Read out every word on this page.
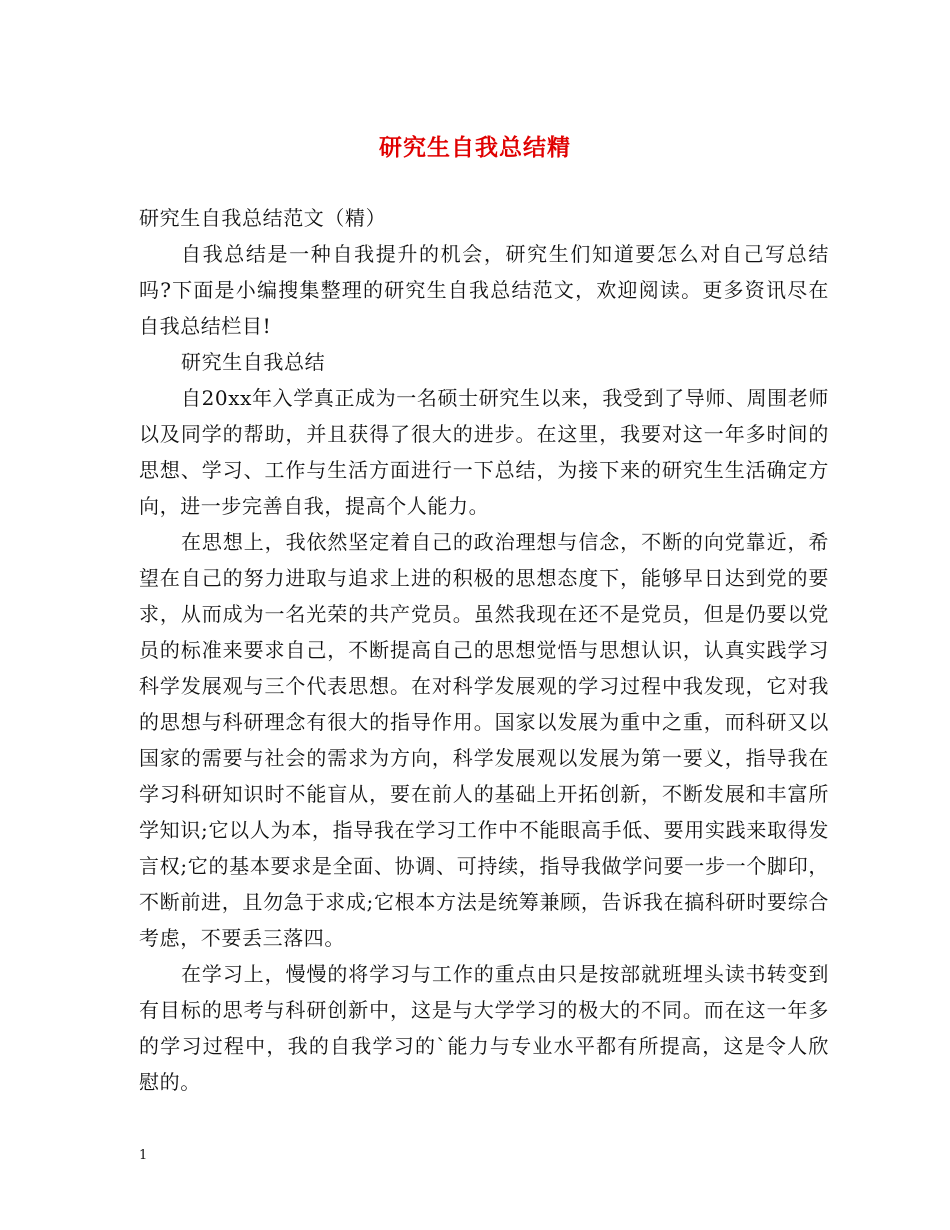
研究生自我总结精

研究生自我总结范文（精）

自我总结是一种自我提升的机会，研究生们知道要怎么对自己写总结吗?下面是小编搜集整理的研究生自我总结范文，欢迎阅读。更多资讯尽在自我总结栏目!

研究生自我总结

自20xx年入学真正成为一名硕士研究生以来，我受到了导师、周围老师以及同学的帮助，并且获得了很大的进步。在这里，我要对这一年多时间的思想、学习、工作与生活方面进行一下总结，为接下来的研究生生活确定方向，进一步完善自我，提高个人能力。

在思想上，我依然坚定着自己的政治理想与信念，不断的向党靠近，希望在自己的努力进取与追求上进的积极的思想态度下，能够早日达到党的要求，从而成为一名光荣的共产党员。虽然我现在还不是党员，但是仍要以党员的标准来要求自己，不断提高自己的思想觉悟与思想认识，认真实践学习科学发展观与三个代表思想。在对科学发展观的学习过程中我发现，它对我的思想与科研理念有很大的指导作用。国家以发展为重中之重，而科研又以国家的需要与社会的需求为方向，科学发展观以发展为第一要义，指导我在学习科研知识时不能盲从，要在前人的基础上开拓创新，不断发展和丰富所学知识;它以人为本，指导我在学习工作中不能眼高手低、要用实践来取得发言权;它的基本要求是全面、协调、可持续，指导我做学问要一步一个脚印，不断前进，且勿急于求成;它根本方法是统筹兼顾，告诉我在搞科研时要综合考虑，不要丢三落四。

在学习上，慢慢的将学习与工作的重点由只是按部就班埋头读书转变到有目标的思考与科研创新中，这是与大学学习的极大的不同。而在这一年多的学习过程中，我的自我学习的`能力与专业水平都有所提高，这是令人欣慰的。

1
